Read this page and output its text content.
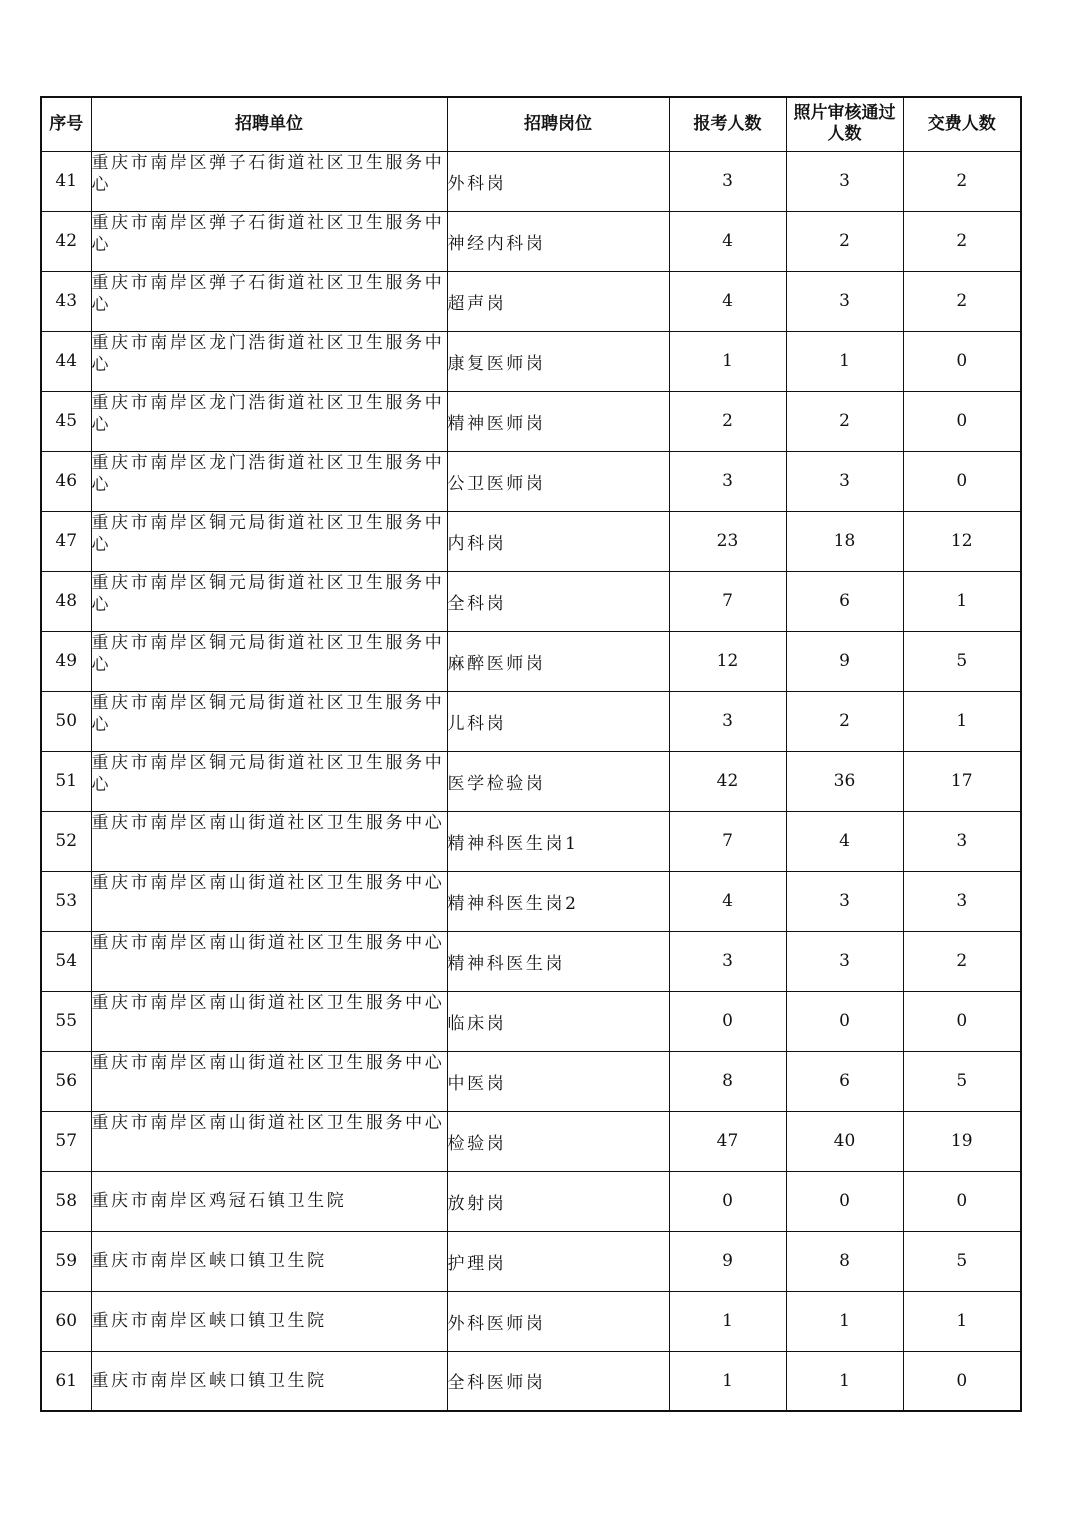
序号	招聘单位	招聘岗位	报考人数	照片审核通过人数	交费人数
41	重庆市南岸区弹子石街道社区卫生服务中心	外科岗	3	3	2
42	重庆市南岸区弹子石街道社区卫生服务中心	神经内科岗	4	2	2
43	重庆市南岸区弹子石街道社区卫生服务中心	超声岗	4	3	2
44	重庆市南岸区龙门浩街道社区卫生服务中心	康复医师岗	1	1	0
45	重庆市南岸区龙门浩街道社区卫生服务中心	精神医师岗	2	2	0
46	重庆市南岸区龙门浩街道社区卫生服务中心	公卫医师岗	3	3	0
47	重庆市南岸区铜元局街道社区卫生服务中心	内科岗	23	18	12
48	重庆市南岸区铜元局街道社区卫生服务中心	全科岗	7	6	1
49	重庆市南岸区铜元局街道社区卫生服务中心	麻醉医师岗	12	9	5
50	重庆市南岸区铜元局街道社区卫生服务中心	儿科岗	3	2	1
51	重庆市南岸区铜元局街道社区卫生服务中心	医学检验岗	42	36	17
52	重庆市南岸区南山街道社区卫生服务中心	精神科医生岗1	7	4	3
53	重庆市南岸区南山街道社区卫生服务中心	精神科医生岗2	4	3	3
54	重庆市南岸区南山街道社区卫生服务中心	精神科医生岗	3	3	2
55	重庆市南岸区南山街道社区卫生服务中心	临床岗	0	0	0
56	重庆市南岸区南山街道社区卫生服务中心	中医岗	8	6	5
57	重庆市南岸区南山街道社区卫生服务中心	检验岗	47	40	19
58	重庆市南岸区鸡冠石镇卫生院	放射岗	0	0	0
59	重庆市南岸区峡口镇卫生院	护理岗	9	8	5
60	重庆市南岸区峡口镇卫生院	外科医师岗	1	1	1
61	重庆市南岸区峡口镇卫生院	全科医师岗	1	1	0
